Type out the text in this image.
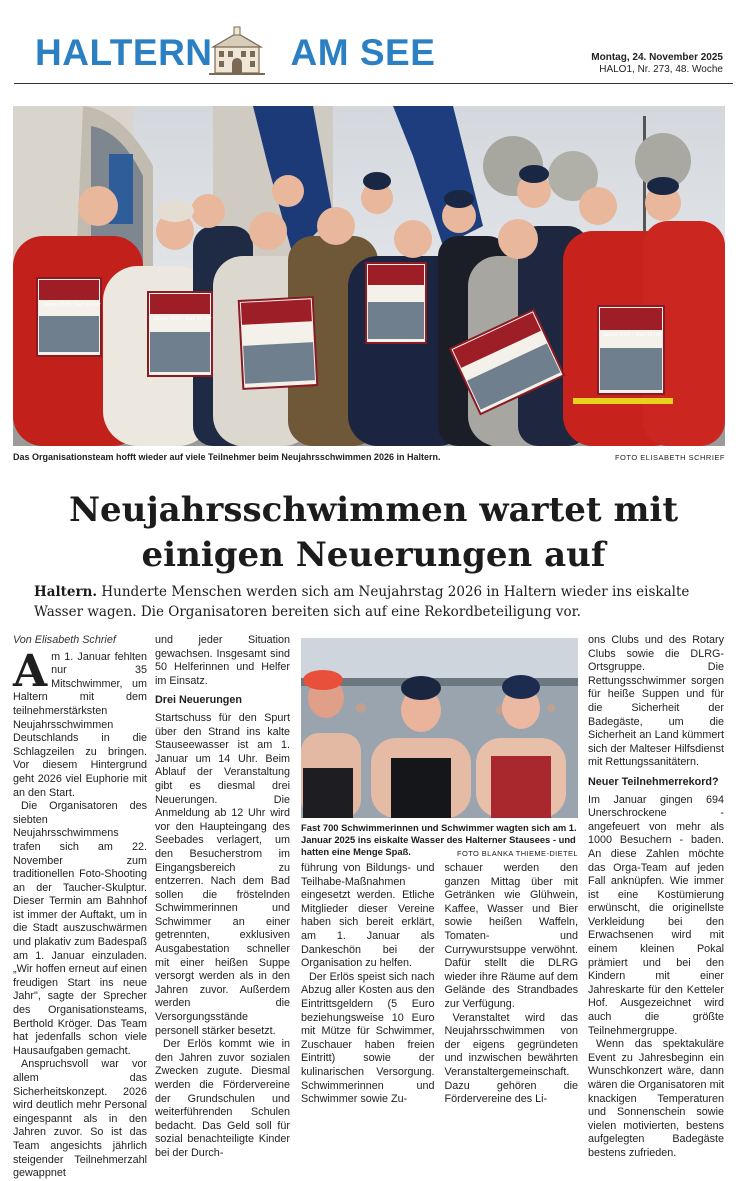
HALTERN AM SEE	Montag, 24. November 2025
HALO1, Nr. 273, 48. Woche
Januar 2026 | Start 14 Uhr
Januar 2026 | Start 14 Uhr
Januar 2026 | Start 14 Uhr
Das Organisationsteam hofft wieder auf viele Teilnehmer beim Neujahrsschwimmen 2026 in Haltern.	FOTO ELISABETH SCHRIEF
Neujahrsschwimmen wartet mit
einigen Neuerungen auf
Haltern. Hunderte Menschen werden sich am Neujahrstag 2026 in Haltern wieder ins eiskalte Wasser wagen. Die Organisatoren bereiten sich auf eine Rekordbeteiligung vor.
Von Elisabeth Schrief

Am 1. Januar fehlten nur 35 Mitschwimmer, um Haltern mit dem teilnehmerstärksten Neujahrsschwimmen Deutschlands in die Schlagzeilen zu bringen. Vor diesem Hintergrund geht 2026 viel Euphorie mit an den Start.

Die Organisatoren des siebten Neujahrsschwimmens trafen sich am 22. November zum traditionellen Foto-Shooting an der Taucher-Skulptur. Dieser Termin am Bahnhof ist immer der Auftakt, um in die Stadt auszuschwärmen und plakativ zum Badespaß am 1. Januar einzuladen. „Wir hoffen erneut auf einen freudigen Start ins neue Jahr", sagte der Sprecher des Organisationsteams, Berthold Kröger. Das Team hat jedenfalls schon viele Hausaufgaben gemacht.

Anspruchsvoll war vor allem das Sicherheitskonzept. 2026 wird deutlich mehr Personal eingespannt als in den Jahren zuvor. So ist das Team angesichts jährlich steigender Teilnehmerzahl gewappnet

und jeder Situation gewachsen. Insgesamt sind 50 Helferinnen und Helfer im Einsatz.

Drei Neuerungen

Startschuss für den Spurt über den Strand ins kalte Stauseewasser ist am 1. Januar um 14 Uhr. Beim Ablauf der Veranstaltung gibt es diesmal drei Neuerungen. Die Anmeldung ab 12 Uhr wird vor den Haupteingang des Seebades verlagert, um den Besucherstrom im Eingangsbereich zu entzerren. Nach dem Bad sollen die fröstelnden Schwimmerinnen und Schwimmer an einer getrennten, exklusiven Ausgabestation schneller mit einer heißen Suppe versorgt werden als in den Jahren zuvor. Außerdem werden die Versorgungsstände personell stärker besetzt.

Der Erlös kommt wie in den Jahren zuvor sozialen Zwecken zugute. Diesmal werden die Fördervereine der Grundschulen und weiterführenden Schulen bedacht. Das Geld soll für sozial benachteiligte Kinder bei der Durch-

Fast 700 Schwimmerinnen und Schwimmer wagten sich am 1. Januar 2025 ins eiskalte Wasser des Halterner Stausees - und hatten eine Menge Spaß.	FOTO BLANKA THIEME-DIETEL

führung von Bildungs- und Teilhabe-Maßnahmen eingesetzt werden. Etliche Mitglieder dieser Vereine haben sich bereit erklärt, am 1. Januar als Dankeschön bei der Organisation zu helfen.

Der Erlös speist sich nach Abzug aller Kosten aus den Eintrittsgeldern (5 Euro beziehungsweise 10 Euro mit Mütze für Schwimmer, Zuschauer haben freien Eintritt) sowie der kulinarischen Versorgung. Schwimmerinnen und Schwimmer sowie Zu-

schauer werden den ganzen Mittag über mit Getränken wie Glühwein, Kaffee, Wasser und Bier sowie heißen Waffeln, Tomaten- und Currywurstsuppe verwöhnt. Dafür stellt die DLRG wieder ihre Räume auf dem Gelände des Strandbades zur Verfügung.

Veranstaltet wird das Neujahrsschwimmen von der eigens gegründeten und inzwischen bewährten Veranstaltergemeinschaft. Dazu gehören die Fördervereine des Li-

ons Clubs und des Rotary Clubs sowie die DLRG-Ortsgruppe. Die Rettungsschwimmer sorgen für heiße Suppen und für die Sicherheit der Badegäste, um die Sicherheit an Land kümmert sich der Malteser Hilfsdienst mit Rettungssanitätern.

Neuer Teilnehmerrekord?

Im Januar gingen 694 Unerschrockene - angefeuert von mehr als 1000 Besuchern - baden. An diese Zahlen möchte das Orga-Team auf jeden Fall anknüpfen. Wie immer ist eine Kostümierung erwünscht, die originellste Verkleidung bei den Erwachsenen wird mit einem kleinen Pokal prämiert und bei den Kindern mit einer Jahreskarte für den Ketteler Hof. Ausgezeichnet wird auch die größte Teilnehmergruppe.

Wenn das spektakuläre Event zu Jahresbeginn ein Wunschkonzert wäre, dann wären die Organisatoren mit knackigen Temperaturen und Sonnenschein sowie vielen motivierten, bestens aufgelegten Badegäste bestens zufrieden.
